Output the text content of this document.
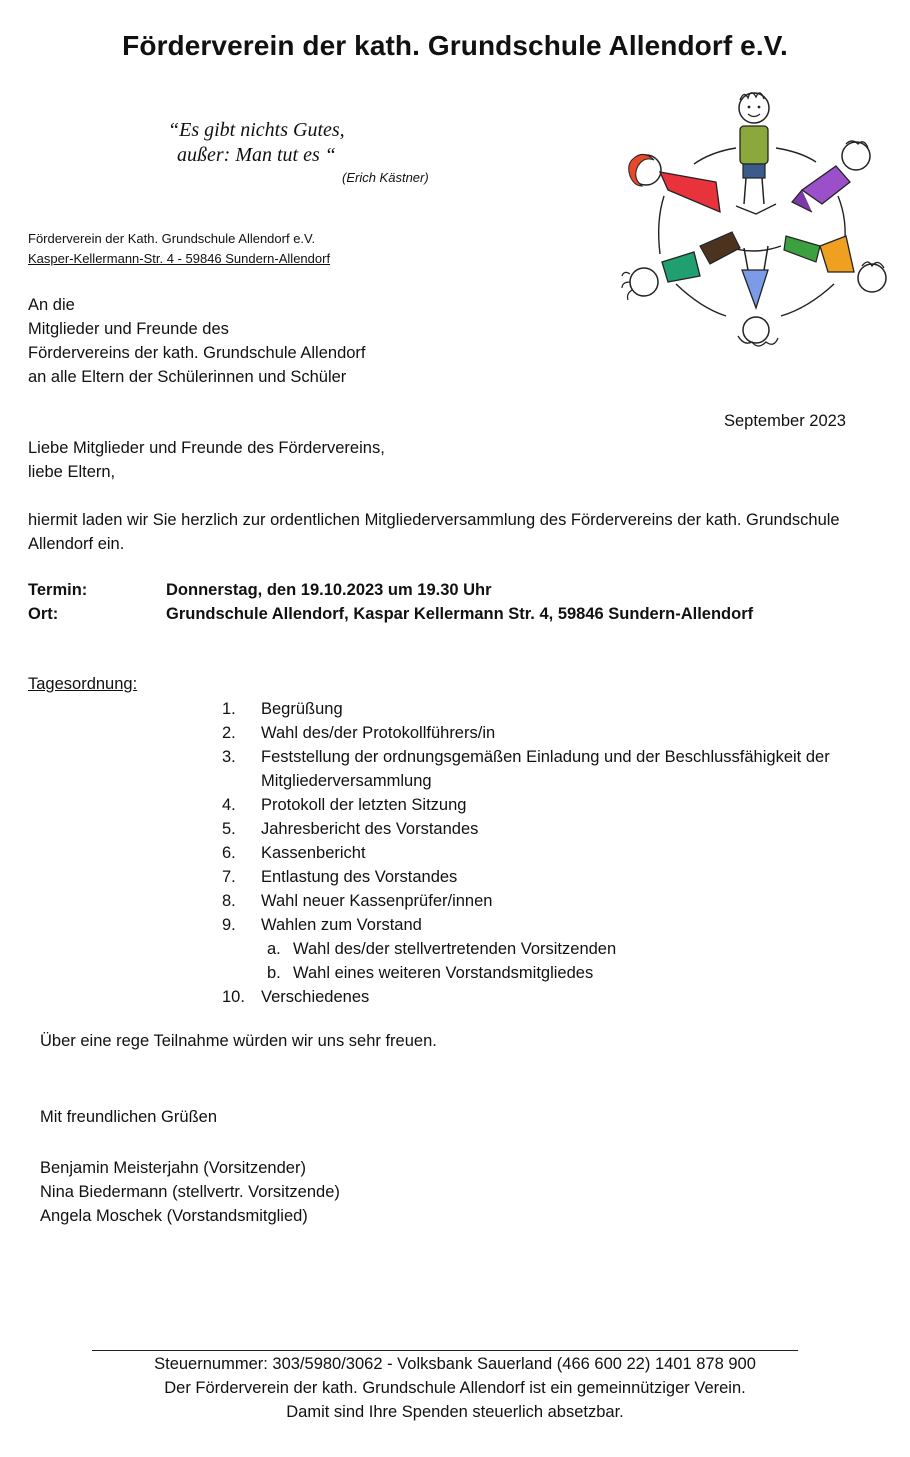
Förderverein der kath. Grundschule Allendorf e.V.
“Es gibt nichts Gutes,
außer: Man tut es “
(Erich Kästner)
Förderverein der Kath. Grundschule Allendorf e.V.
Kasper-Kellermann-Str. 4 - 59846 Sundern-Allendorf
An die
Mitglieder und Freunde des
Fördervereins der kath. Grundschule Allendorf
an alle Eltern der Schülerinnen und Schüler
September 2023
Liebe Mitglieder und Freunde des Fördervereins,
liebe Eltern,
hiermit laden wir Sie herzlich zur ordentlichen Mitgliederversammlung des Fördervereins der kath. Grundschule Allendorf ein.
Termin:	Donnerstag, den 19.10.2023 um 19.30 Uhr
Ort:	Grundschule Allendorf, Kaspar Kellermann Str. 4, 59846 Sundern-Allendorf
Tagesordnung:
1.	Begrüßung
2.	Wahl des/der Protokollführers/in
3.	Feststellung der ordnungsgemäßen Einladung und der Beschlussfähigkeit der Mitgliederversammlung
4.	Protokoll der letzten Sitzung
5.	Jahresbericht des Vorstandes
6.	Kassenbericht
7.	Entlastung des Vorstandes
8.	Wahl neuer Kassenprüfer/innen
9.	Wahlen zum Vorstand
a. Wahl des/der stellvertretenden Vorsitzenden
b. Wahl eines weiteren Vorstandsmitgliedes
10. Verschiedenes
Über eine rege Teilnahme würden wir uns sehr freuen.
Mit freundlichen Grüßen
Benjamin Meisterjahn (Vorsitzender)
Nina Biedermann (stellvertr. Vorsitzende)
Angela Moschek (Vorstandsmitglied)
Steuernummer: 303/5980/3062 - Volksbank Sauerland (466 600 22) 1401 878 900
Der Förderverein der kath. Grundschule Allendorf ist ein gemeinnütziger Verein.
Damit sind Ihre Spenden steuerlich absetzbar.
